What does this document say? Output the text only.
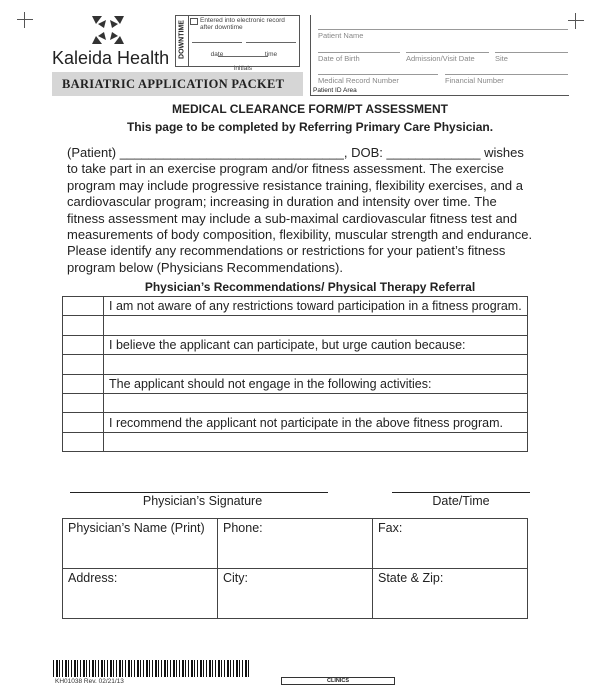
Kaleida Health DOWNTIME Entered into electronic record after downtime
date	time
initials
BARIATRIC APPLICATION PACKET
Patient Name
Date of Birth	Admission/Visit Date	Site
Medical Record Number	Financial Number
Patient ID Area
MEDICAL CLEARANCE FORM/PT ASSESSMENT
This page to be completed by Referring Primary Care Physician.
(Patient) _______________________________, DOB: _____________ wishes to take part in an exercise program and/or fitness assessment. The exercise program may include progressive resistance training, flexibility exercises, and a cardiovascular program; increasing in duration and intensity over time. The fitness assessment may include a sub-maximal cardiovascular fitness test and measurements of body composition, flexibility, muscular strength and endurance. Please identify any recommendations or restrictions for your patient’s fitness program below (Physicians Recommendations).
Physician’s Recommendations/ Physical Therapy Referral
	I am not aware of any restrictions toward participation in a fitness program.

	I believe the applicant can participate, but urge caution because:

	The applicant should not engage in the following activities:

	I recommend the applicant not participate in the above fitness program.

Physician’s Signature	Date/Time
Physician’s Name (Print)	Phone:	Fax:
Address:	City:	State & Zip:
KH01038 Rev. 02/21/13	CLINICS
